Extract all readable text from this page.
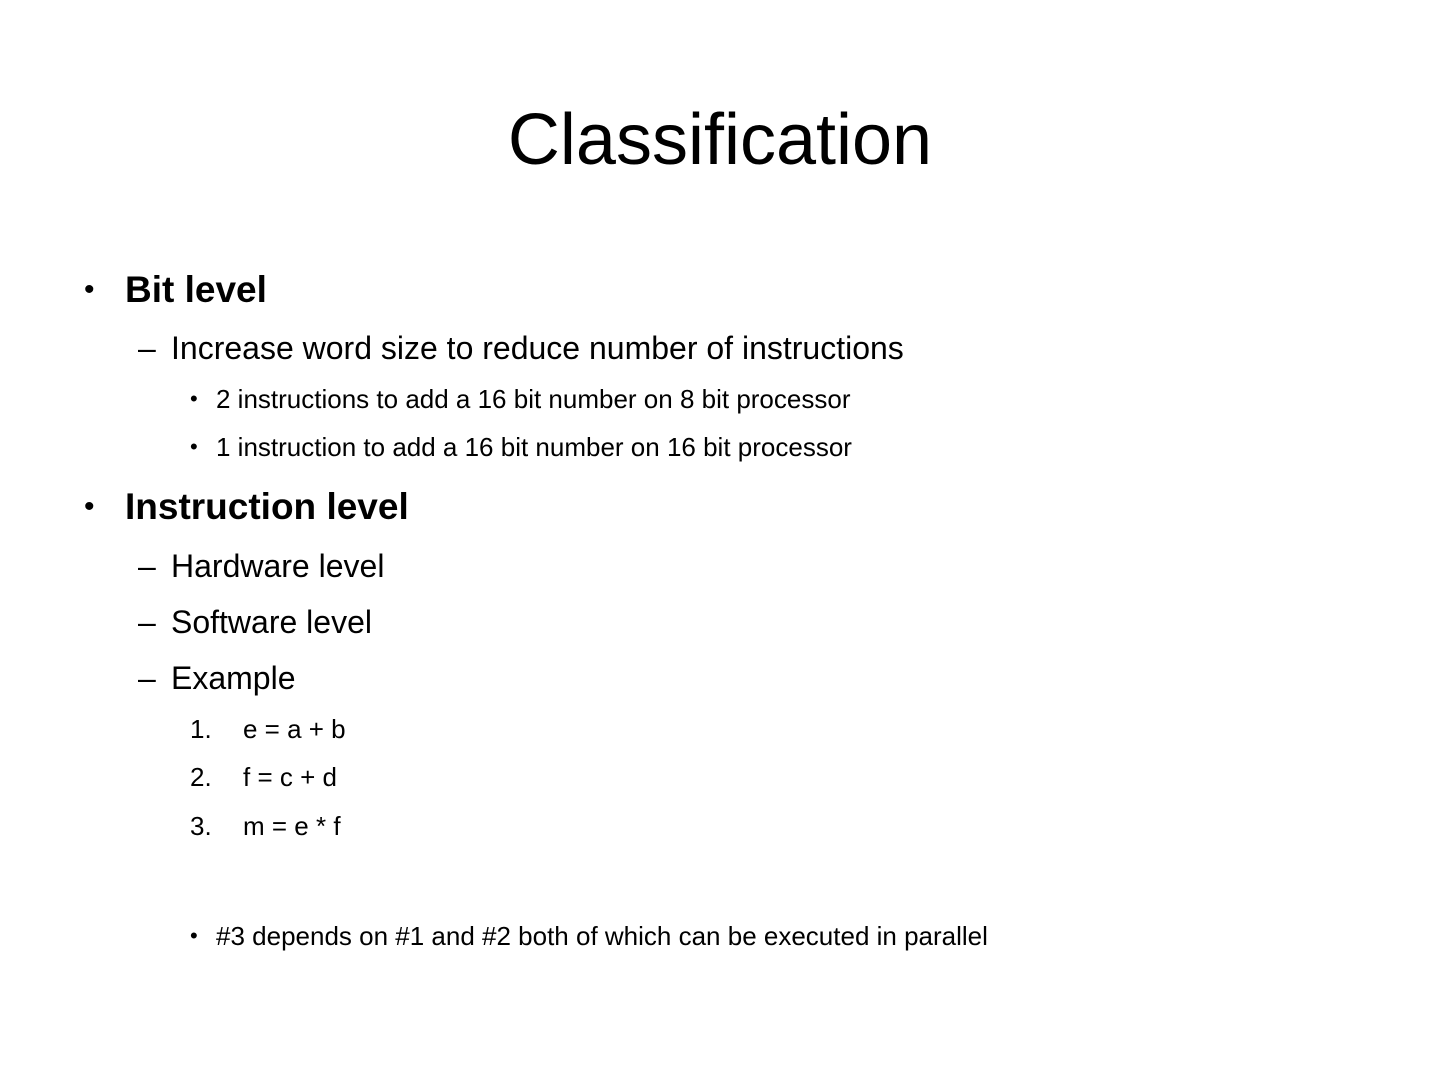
Classification
• Bit level
– Increase word size to reduce number of instructions
• 2 instructions to add a 16 bit number on 8 bit processor
• 1 instruction to add a 16 bit number on 16 bit processor
• Instruction level
– Hardware level
– Software level
– Example
1. e = a + b
2. f = c + d
3. m = e * f
• #3 depends on #1 and #2 both of which can be executed in parallel
